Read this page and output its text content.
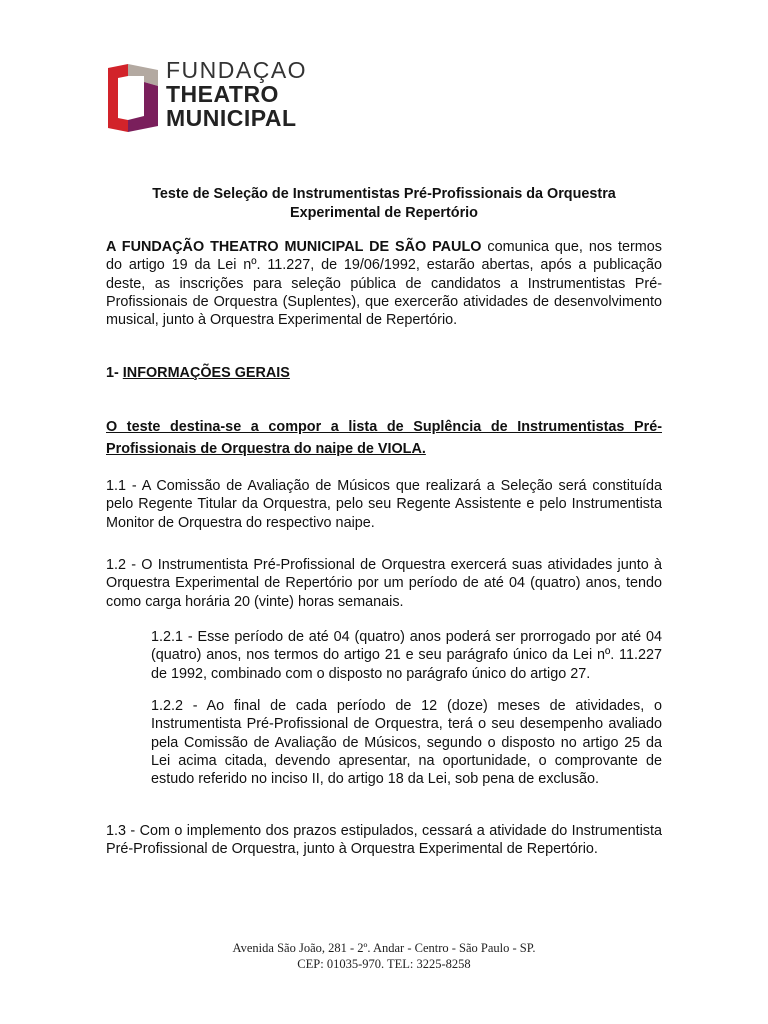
FUNDAÇAO
THEATRO
MUNICIPAL
Teste de Seleção de Instrumentistas Pré-Profissionais da Orquestra Experimental de Repertório

A FUNDAÇÃO THEATRO MUNICIPAL DE SÃO PAULO comunica que, nos termos do artigo 19 da Lei nº. 11.227, de 19/06/1992, estarão abertas, após a publicação deste, as inscrições para seleção pública de candidatos a Instrumentistas Pré-Profissionais de Orquestra (Suplentes), que exercerão atividades de desenvolvimento musical, junto à Orquestra Experimental de Repertório.

1- INFORMAÇÕES GERAIS

O teste destina-se a compor a lista de Suplência de Instrumentistas Pré-Profissionais de Orquestra do naipe de VIOLA.

1.1 - A Comissão de Avaliação de Músicos que realizará a Seleção será constituída pelo Regente Titular da Orquestra, pelo seu Regente Assistente e pelo Instrumentista Monitor de Orquestra do respectivo naipe.

1.2 - O Instrumentista Pré-Profissional de Orquestra exercerá suas atividades junto à Orquestra Experimental de Repertório por um período de até 04 (quatro) anos, tendo como carga horária 20 (vinte) horas semanais.

1.2.1 - Esse período de até 04 (quatro) anos poderá ser prorrogado por até 04 (quatro) anos, nos termos do artigo 21 e seu parágrafo único da Lei nº. 11.227 de 1992, combinado com o disposto no parágrafo único do artigo 27.

1.2.2 - Ao final de cada período de 12 (doze) meses de atividades, o Instrumentista Pré-Profissional de Orquestra, terá o seu desempenho avaliado pela Comissão de Avaliação de Músicos, segundo o disposto no artigo 25 da Lei acima citada, devendo apresentar, na oportunidade, o comprovante de estudo referido no inciso II, do artigo 18 da Lei, sob pena de exclusão.

1.3 - Com o implemento dos prazos estipulados, cessará a atividade do Instrumentista Pré-Profissional de Orquestra, junto à Orquestra Experimental de Repertório.

Avenida São João, 281 - 2º. Andar - Centro - São Paulo - SP.
CEP: 01035-970. TEL: 3225-8258
